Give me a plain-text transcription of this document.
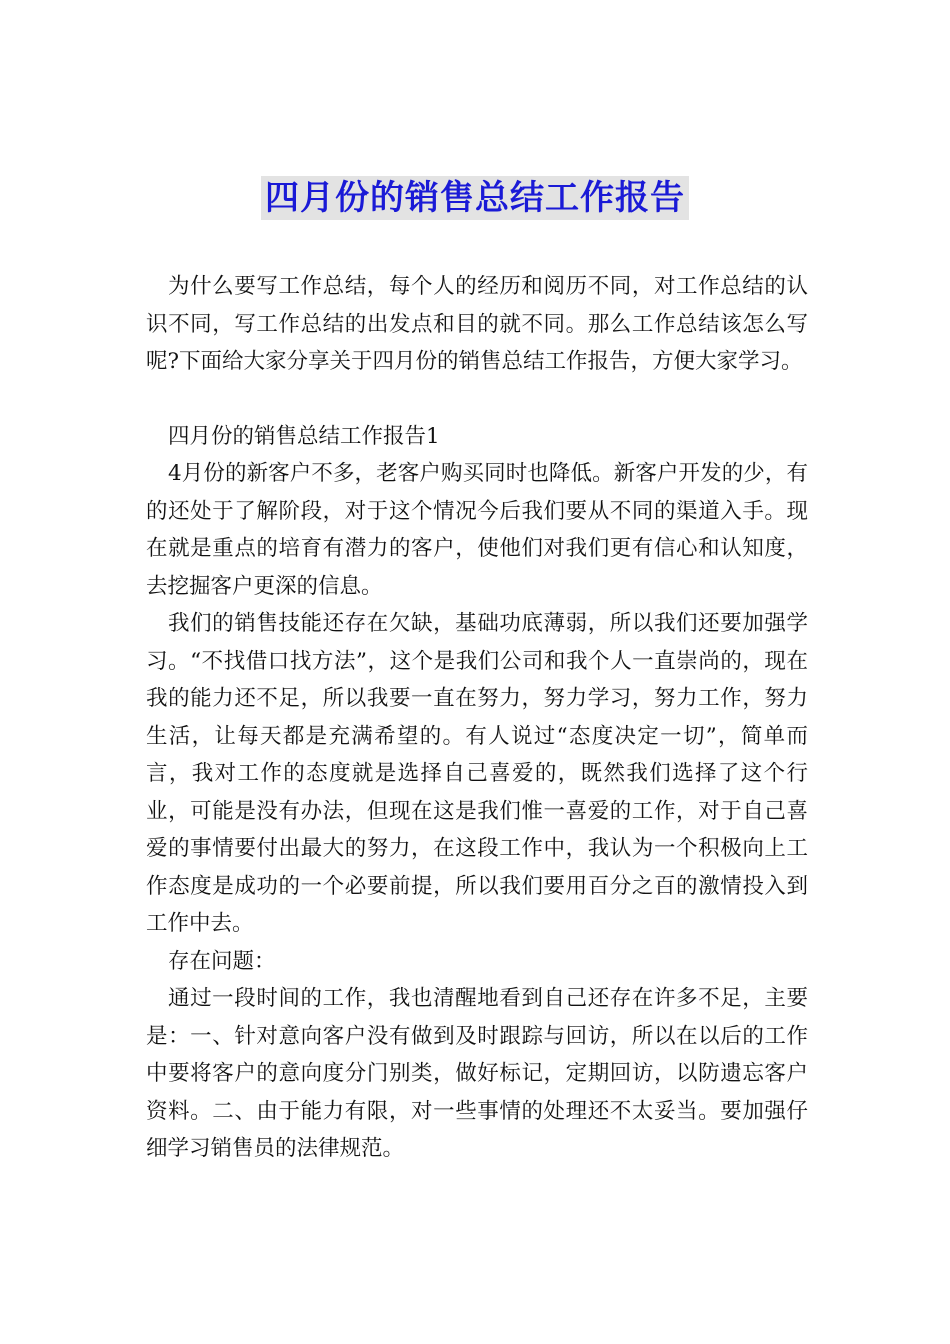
四月份的销售总结工作报告

为什么要写工作总结，每个人的经历和阅历不同，对工作总结的认识不同，写工作总结的出发点和目的就不同。那么工作总结该怎么写呢?下面给大家分享关于四月份的销售总结工作报告，方便大家学习。

四月份的销售总结工作报告1

4月份的新客户不多，老客户购买同时也降低。新客户开发的少，有的还处于了解阶段，对于这个情况今后我们要从不同的渠道入手。现在就是重点的培育有潜力的客户，使他们对我们更有信心和认知度，去挖掘客户更深的信息。

我们的销售技能还存在欠缺，基础功底薄弱，所以我们还要加强学习。“不找借口找方法”，这个是我们公司和我个人一直崇尚的，现在我的能力还不足，所以我要一直在努力，努力学习，努力工作，努力生活，让每天都是充满希望的。有人说过“态度决定一切”，简单而言，我对工作的态度就是选择自己喜爱的，既然我们选择了这个行业，可能是没有办法，但现在这是我们惟一喜爱的工作，对于自己喜爱的事情要付出最大的努力，在这段工作中，我认为一个积极向上工作态度是成功的一个必要前提，所以我们要用百分之百的激情投入到工作中去。

存在问题：

通过一段时间的工作，我也清醒地看到自己还存在许多不足，主要是：一、针对意向客户没有做到及时跟踪与回访，所以在以后的工作中要将客户的意向度分门别类，做好标记，定期回访，以防遗忘客户资料。二、由于能力有限，对一些事情的处理还不太妥当。要加强仔细学习销售员的法律规范。
